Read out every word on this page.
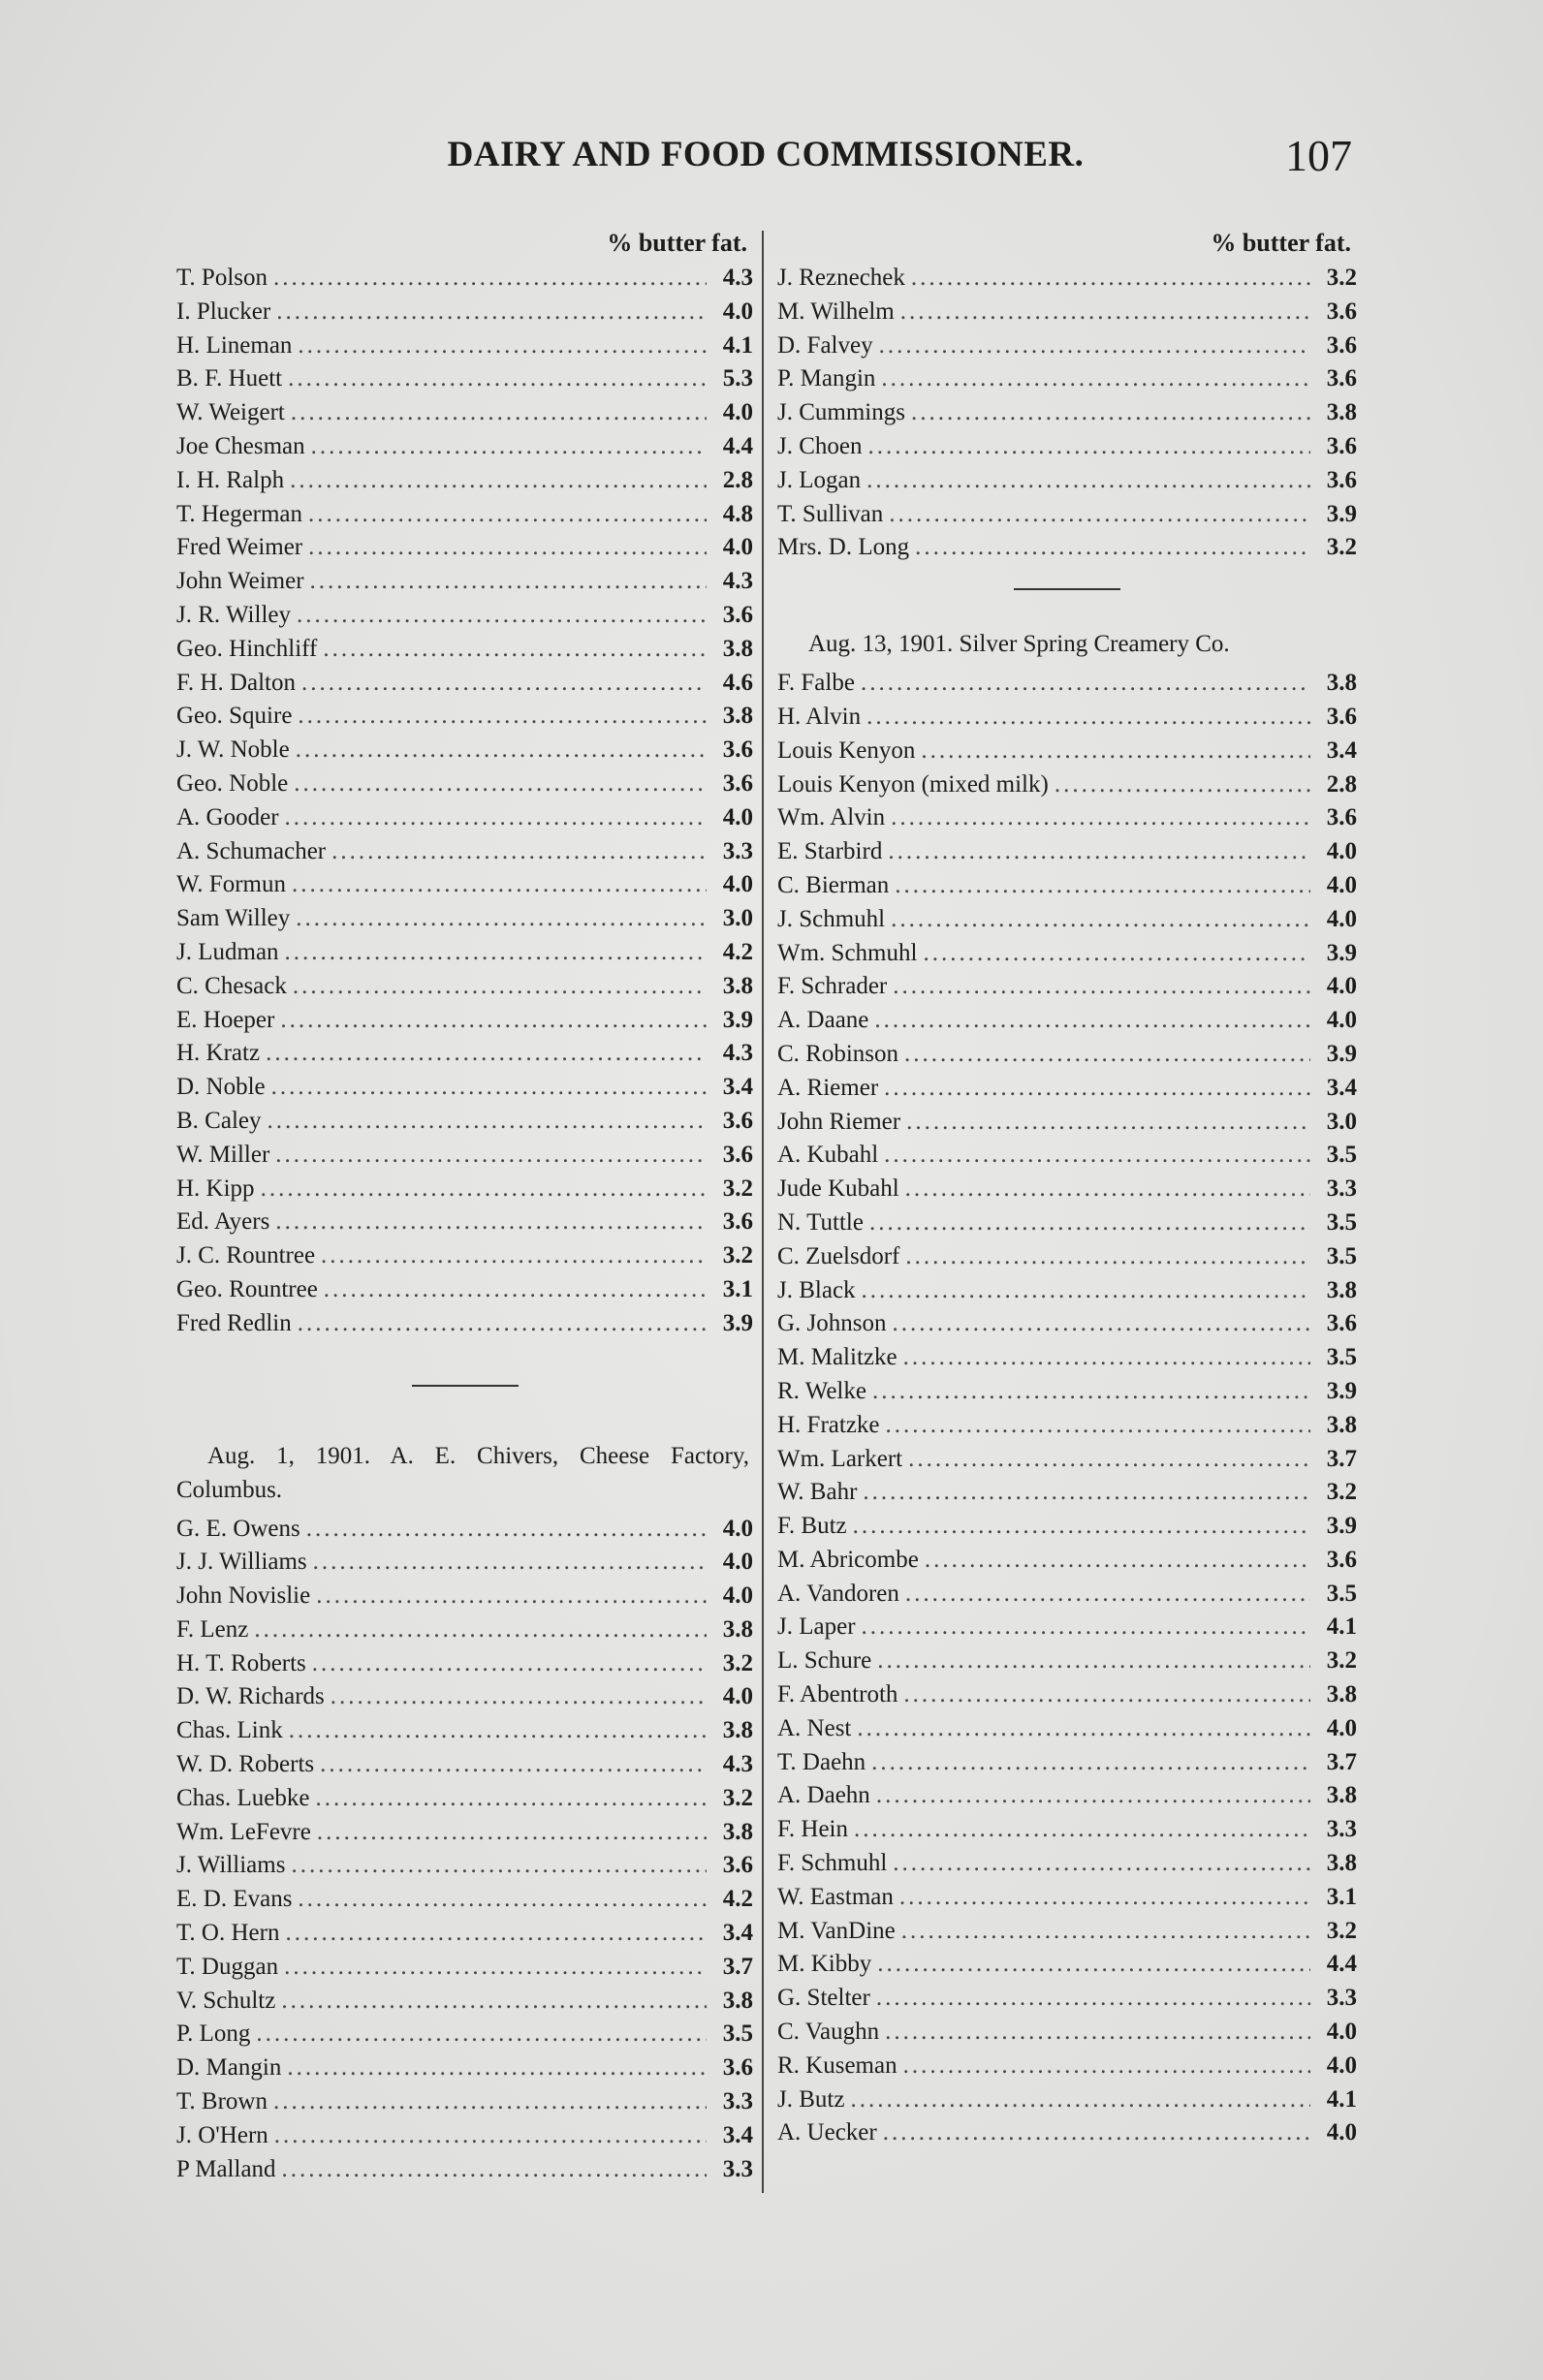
DAIRY AND FOOD COMMISSIONER.	107
% butter fat.
T. Polson .....	4.3
I. Plucker .....	4.0
H. Lineman .....	4.1
B. F. Huett .....	5.3
W. Weigert .....	4.0
Joe Chesman .....	4.4
I. H. Ralph .....	2.8
T. Hegerman .....	4.8
Fred Weimer .....	4.0
John Weimer .....	4.3
J. R. Willey .....	3.6
Geo. Hinchliff .....	3.8
F. H. Dalton .....	4.6
Geo. Squire .....	3.8
J. W. Noble .....	3.6
Geo. Noble .....	3.6
A. Gooder .....	4.0
A. Schumacher .....	3.3
W. Formun .....	4.0
Sam Willey .....	3.0
J. Ludman .....	4.2
C. Chesack .....	3.8
E. Hoeper .....	3.9
H. Kratz .....	4.3
D. Noble .....	3.4
B. Caley .....	3.6
W. Miller .....	3.6
H. Kipp .....	3.2
Ed. Ayers .....	3.6
J. C. Rountree .....	3.2
Geo. Rountree .....	3.1
Fred Redlin .....	3.9
Aug. 1, 1901. A. E. Chivers, Cheese Factory, Columbus.
G. E. Owens .....	4.0
J. J. Williams .....	4.0
John Novislie .....	4.0
F. Lenz .....	3.8
H. T. Roberts .....	3.2
D. W. Richards .....	4.0
Chas. Link .....	3.8
W. D. Roberts .....	4.3
Chas. Luebke .....	3.2
Wm. LeFevre .....	3.8
J. Williams .....	3.6
E. D. Evans .....	4.2
T. O. Hern .....	3.4
T. Duggan .....	3.7
V. Schultz .....	3.8
P. Long .....	3.5
D. Mangin .....	3.6
T. Brown .....	3.3
J. O'Hern .....	3.4
P Malland .....	3.3
% butter fat.
J. Reznechek .....	3.2
M. Wilhelm .....	3.6
D. Falvey .....	3.6
P. Mangin .....	3.6
J. Cummings .....	3.8
J. Choen .....	3.6
J. Logan .....	3.6
T. Sullivan .....	3.9
Mrs. D. Long .....	3.2
Aug. 13, 1901. Silver Spring Creamery Co.
F. Falbe .....	3.8
H. Alvin .....	3.6
Louis Kenyon .....	3.4
Louis Kenyon (mixed milk) .....	2.8
Wm. Alvin .....	3.6
E. Starbird .....	4.0
C. Bierman .....	4.0
J. Schmuhl .....	4.0
Wm. Schmuhl .....	3.9
F. Schrader .....	4.0
A. Daane .....	4.0
C. Robinson .....	3.9
A. Riemer .....	3.4
John Riemer .....	3.0
A. Kubahl .....	3.5
Jude Kubahl .....	3.3
N. Tuttle .....	3.5
C. Zuelsdorf .....	3.5
J. Black .....	3.8
G. Johnson .....	3.6
M. Malitzke .....	3.5
R. Welke .....	3.9
H. Fratzke .....	3.8
Wm. Larkert .....	3.7
W. Bahr .....	3.2
F. Butz .....	3.9
M. Abricombe .....	3.6
A. Vandoren .....	3.5
J. Laper .....	4.1
L. Schure .....	3.2
F. Abentroth .....	3.8
A. Nest .....	4.0
T. Daehn .....	3.7
A. Daehn .....	3.8
F. Hein .....	3.3
F. Schmuhl .....	3.8
W. Eastman .....	3.1
M. VanDine .....	3.2
M. Kibby .....	4.4
G. Stelter .....	3.3
C. Vaughn .....	4.0
R. Kuseman .....	4.0
J. Butz .....	4.1
A. Uecker .....	4.0
